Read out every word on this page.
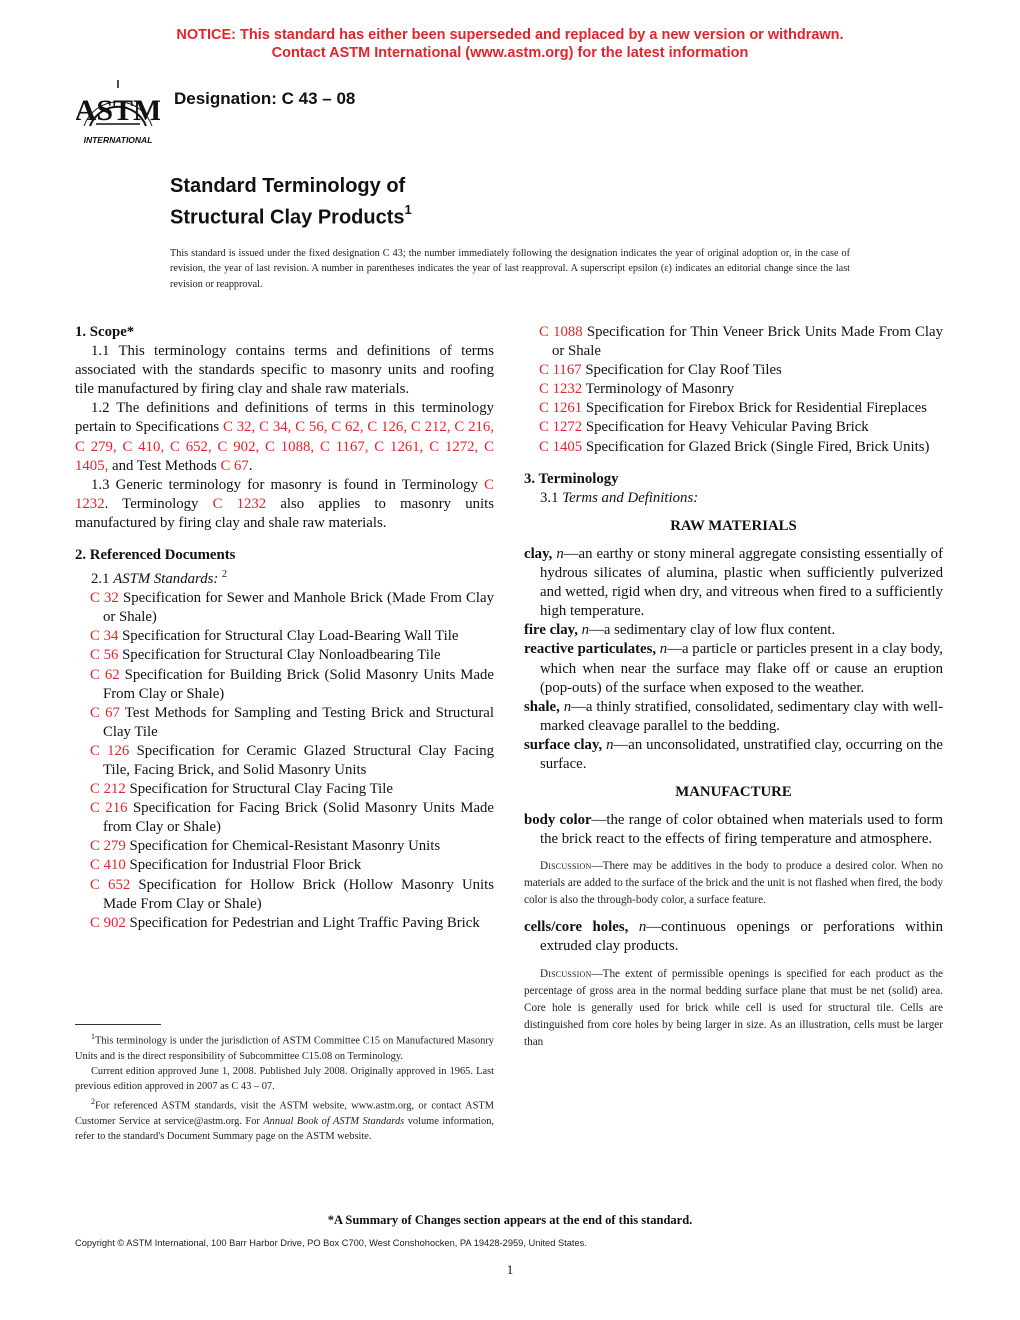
NOTICE: This standard has either been superseded and replaced by a new version or withdrawn.
Contact ASTM International (www.astm.org) for the latest information
ASTM
INTERNATIONAL
Designation: C 43 – 08
Standard Terminology of
Structural Clay Products$^1$
This standard is issued under the fixed designation C 43; the number immediately following the designation indicates the year of original adoption or, in the case of revision, the year of last revision. A number in parentheses indicates the year of last reapproval. A superscript epsilon (ε) indicates an editorial change since the last revision or reapproval.

1. Scope*

1.1 This terminology contains terms and definitions of terms associated with the standards specific to masonry units and roofing tile manufactured by firing clay and shale raw materials.

1.2 The definitions and definitions of terms in this terminology pertain to Specifications C 32, C 34, C 56, C 62, C 126, C 212, C 216, C 279, C 410, C 652, C 902, C 1088, C 1167, C 1261, C 1272, C 1405, and Test Methods C 67.

1.3 Generic terminology for masonry is found in Terminology C 1232. Terminology C 1232 also applies to masonry units manufactured by firing clay and shale raw materials.

2. Referenced Documents

2.1 ASTM Standards: $^2$

C 32 Specification for Sewer and Manhole Brick (Made From Clay or Shale)

C 34 Specification for Structural Clay Load-Bearing Wall Tile

C 56 Specification for Structural Clay Nonloadbearing Tile

C 62 Specification for Building Brick (Solid Masonry Units Made From Clay or Shale)

C 67 Test Methods for Sampling and Testing Brick and Structural Clay Tile

C 126 Specification for Ceramic Glazed Structural Clay Facing Tile, Facing Brick, and Solid Masonry Units

C 212 Specification for Structural Clay Facing Tile

C 216 Specification for Facing Brick (Solid Masonry Units Made from Clay or Shale)

C 279 Specification for Chemical-Resistant Masonry Units

C 410 Specification for Industrial Floor Brick

C 652 Specification for Hollow Brick (Hollow Masonry Units Made From Clay or Shale)

C 902 Specification for Pedestrian and Light Traffic Paving Brick

C 1088 Specification for Thin Veneer Brick Units Made From Clay or Shale

C 1167 Specification for Clay Roof Tiles

C 1232 Terminology of Masonry

C 1261 Specification for Firebox Brick for Residential Fireplaces

C 1272 Specification for Heavy Vehicular Paving Brick

C 1405 Specification for Glazed Brick (Single Fired, Brick Units)

3. Terminology

3.1 Terms and Definitions:

RAW MATERIALS

clay, n—an earthy or stony mineral aggregate consisting essentially of hydrous silicates of alumina, plastic when sufficiently pulverized and wetted, rigid when dry, and vitreous when fired to a sufficiently high temperature.

fire clay, n—a sedimentary clay of low flux content.

reactive particulates, n—a particle or particles present in a clay body, which when near the surface may flake off or cause an eruption (pop-outs) of the surface when exposed to the weather.

shale, n—a thinly stratified, consolidated, sedimentary clay with well-marked cleavage parallel to the bedding.

surface clay, n—an unconsolidated, unstratified clay, occurring on the surface.

MANUFACTURE

body color—the range of color obtained when materials used to form the brick react to the effects of firing temperature and atmosphere.

Discussion—There may be additives in the body to produce a desired color. When no materials are added to the surface of the brick and the unit is not flashed when fired, the body color is also the through-body color, a surface feature.

cells/core holes, n—continuous openings or perforations within extruded clay products.

Discussion—The extent of permissible openings is specified for each product as the percentage of gross area in the normal bedding surface plane that must be net (solid) area. Core hole is generally used for brick while cell is used for structural tile. Cells are distinguished from core holes by being larger in size. As an illustration, cells must be larger than

$^1$This terminology is under the jurisdiction of ASTM Committee C15 on Manufactured Masonry Units and is the direct responsibility of Subcommittee C15.08 on Terminology.

Current edition approved June 1, 2008. Published July 2008. Originally approved in 1965. Last previous edition approved in 2007 as C 43 – 07.

$^2$For referenced ASTM standards, visit the ASTM website, www.astm.org, or contact ASTM Customer Service at service@astm.org. For Annual Book of ASTM Standards volume information, refer to the standard's Document Summary page on the ASTM website.

*A Summary of Changes section appears at the end of this standard.
Copyright © ASTM International, 100 Barr Harbor Drive, PO Box C700, West Conshohocken, PA 19428-2959, United States.
1
